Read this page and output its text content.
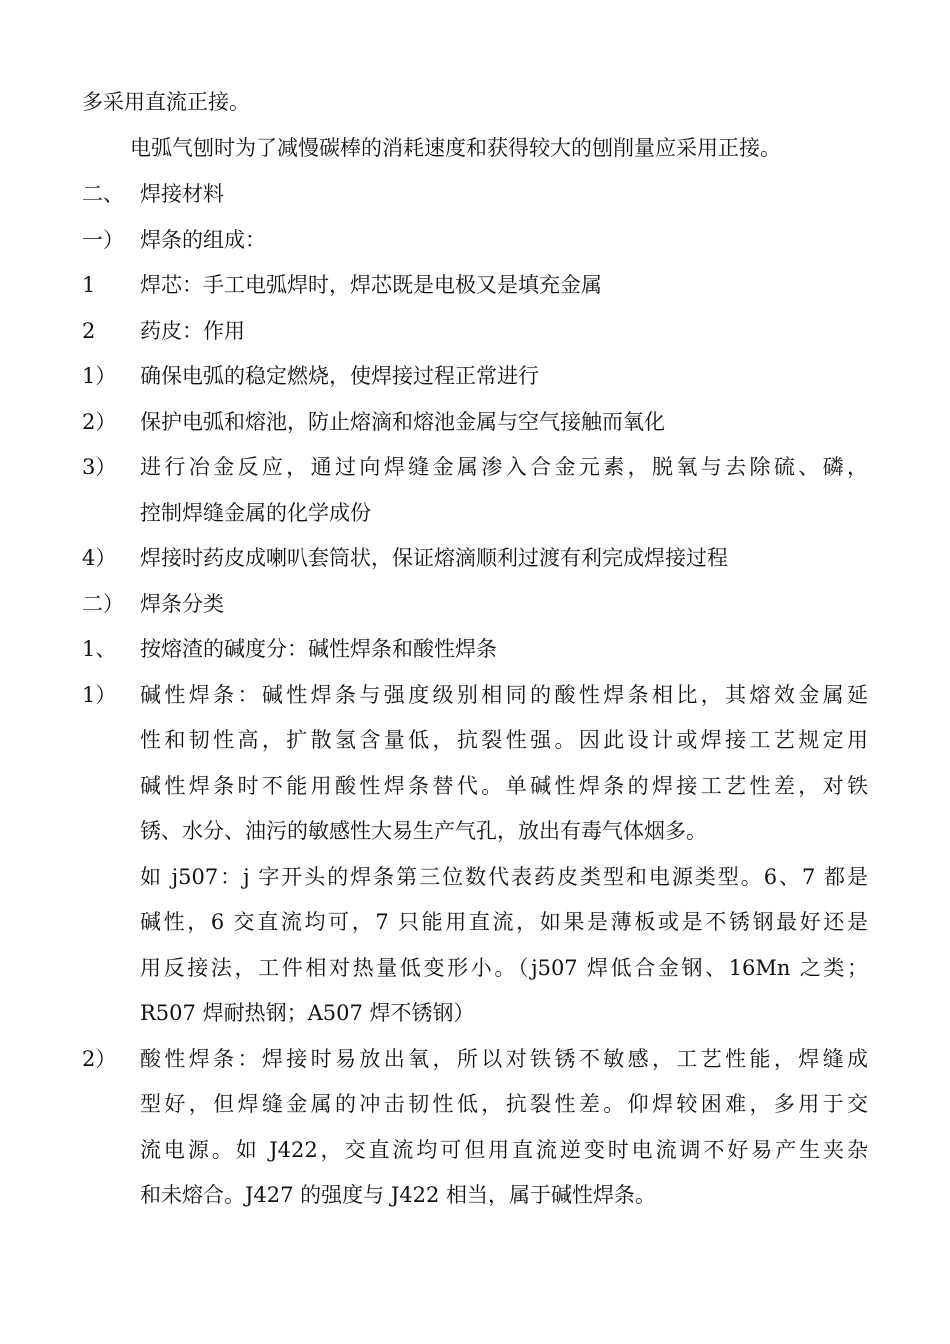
多采用直流正接。
电弧气刨时为了减慢碳棒的消耗速度和获得较大的刨削量应采用正接。
二、 焊接材料
一） 焊条的组成：
1 焊芯：手工电弧焊时，焊芯既是电极又是填充金属
2 药皮：作用
1） 确保电弧的稳定燃烧，使焊接过程正常进行
2） 保护电弧和熔池，防止熔滴和熔池金属与空气接触而氧化
3） 进行冶金反应，通过向焊缝金属渗入合金元素，脱氧与去除硫、磷，
控制焊缝金属的化学成份
4） 焊接时药皮成喇叭套筒状，保证熔滴顺利过渡有利完成焊接过程
二） 焊条分类
1、 按熔渣的碱度分：碱性焊条和酸性焊条
1） 碱性焊条：碱性焊条与强度级别相同的酸性焊条相比，其熔效金属延
性和韧性高，扩散氢含量低，抗裂性强。因此设计或焊接工艺规定用
碱性焊条时不能用酸性焊条替代。单碱性焊条的焊接工艺性差，对铁
锈、水分、油污的敏感性大易生产气孔，放出有毒气体烟多。
如 j507：j 字开头的焊条第三位数代表药皮类型和电源类型。6、7 都是
碱性，6 交直流均可，7 只能用直流，如果是薄板或是不锈钢最好还是
用反接法，工件相对热量低变形小。（j507 焊低合金钢、16Mn 之类；
R507 焊耐热钢；A507 焊不锈钢）
2） 酸性焊条：焊接时易放出氧，所以对铁锈不敏感，工艺性能，焊缝成
型好，但焊缝金属的冲击韧性低，抗裂性差。仰焊较困难，多用于交
流电源。如 J422，交直流均可但用直流逆变时电流调不好易产生夹杂
和未熔合。J427 的强度与 J422 相当，属于碱性焊条。
